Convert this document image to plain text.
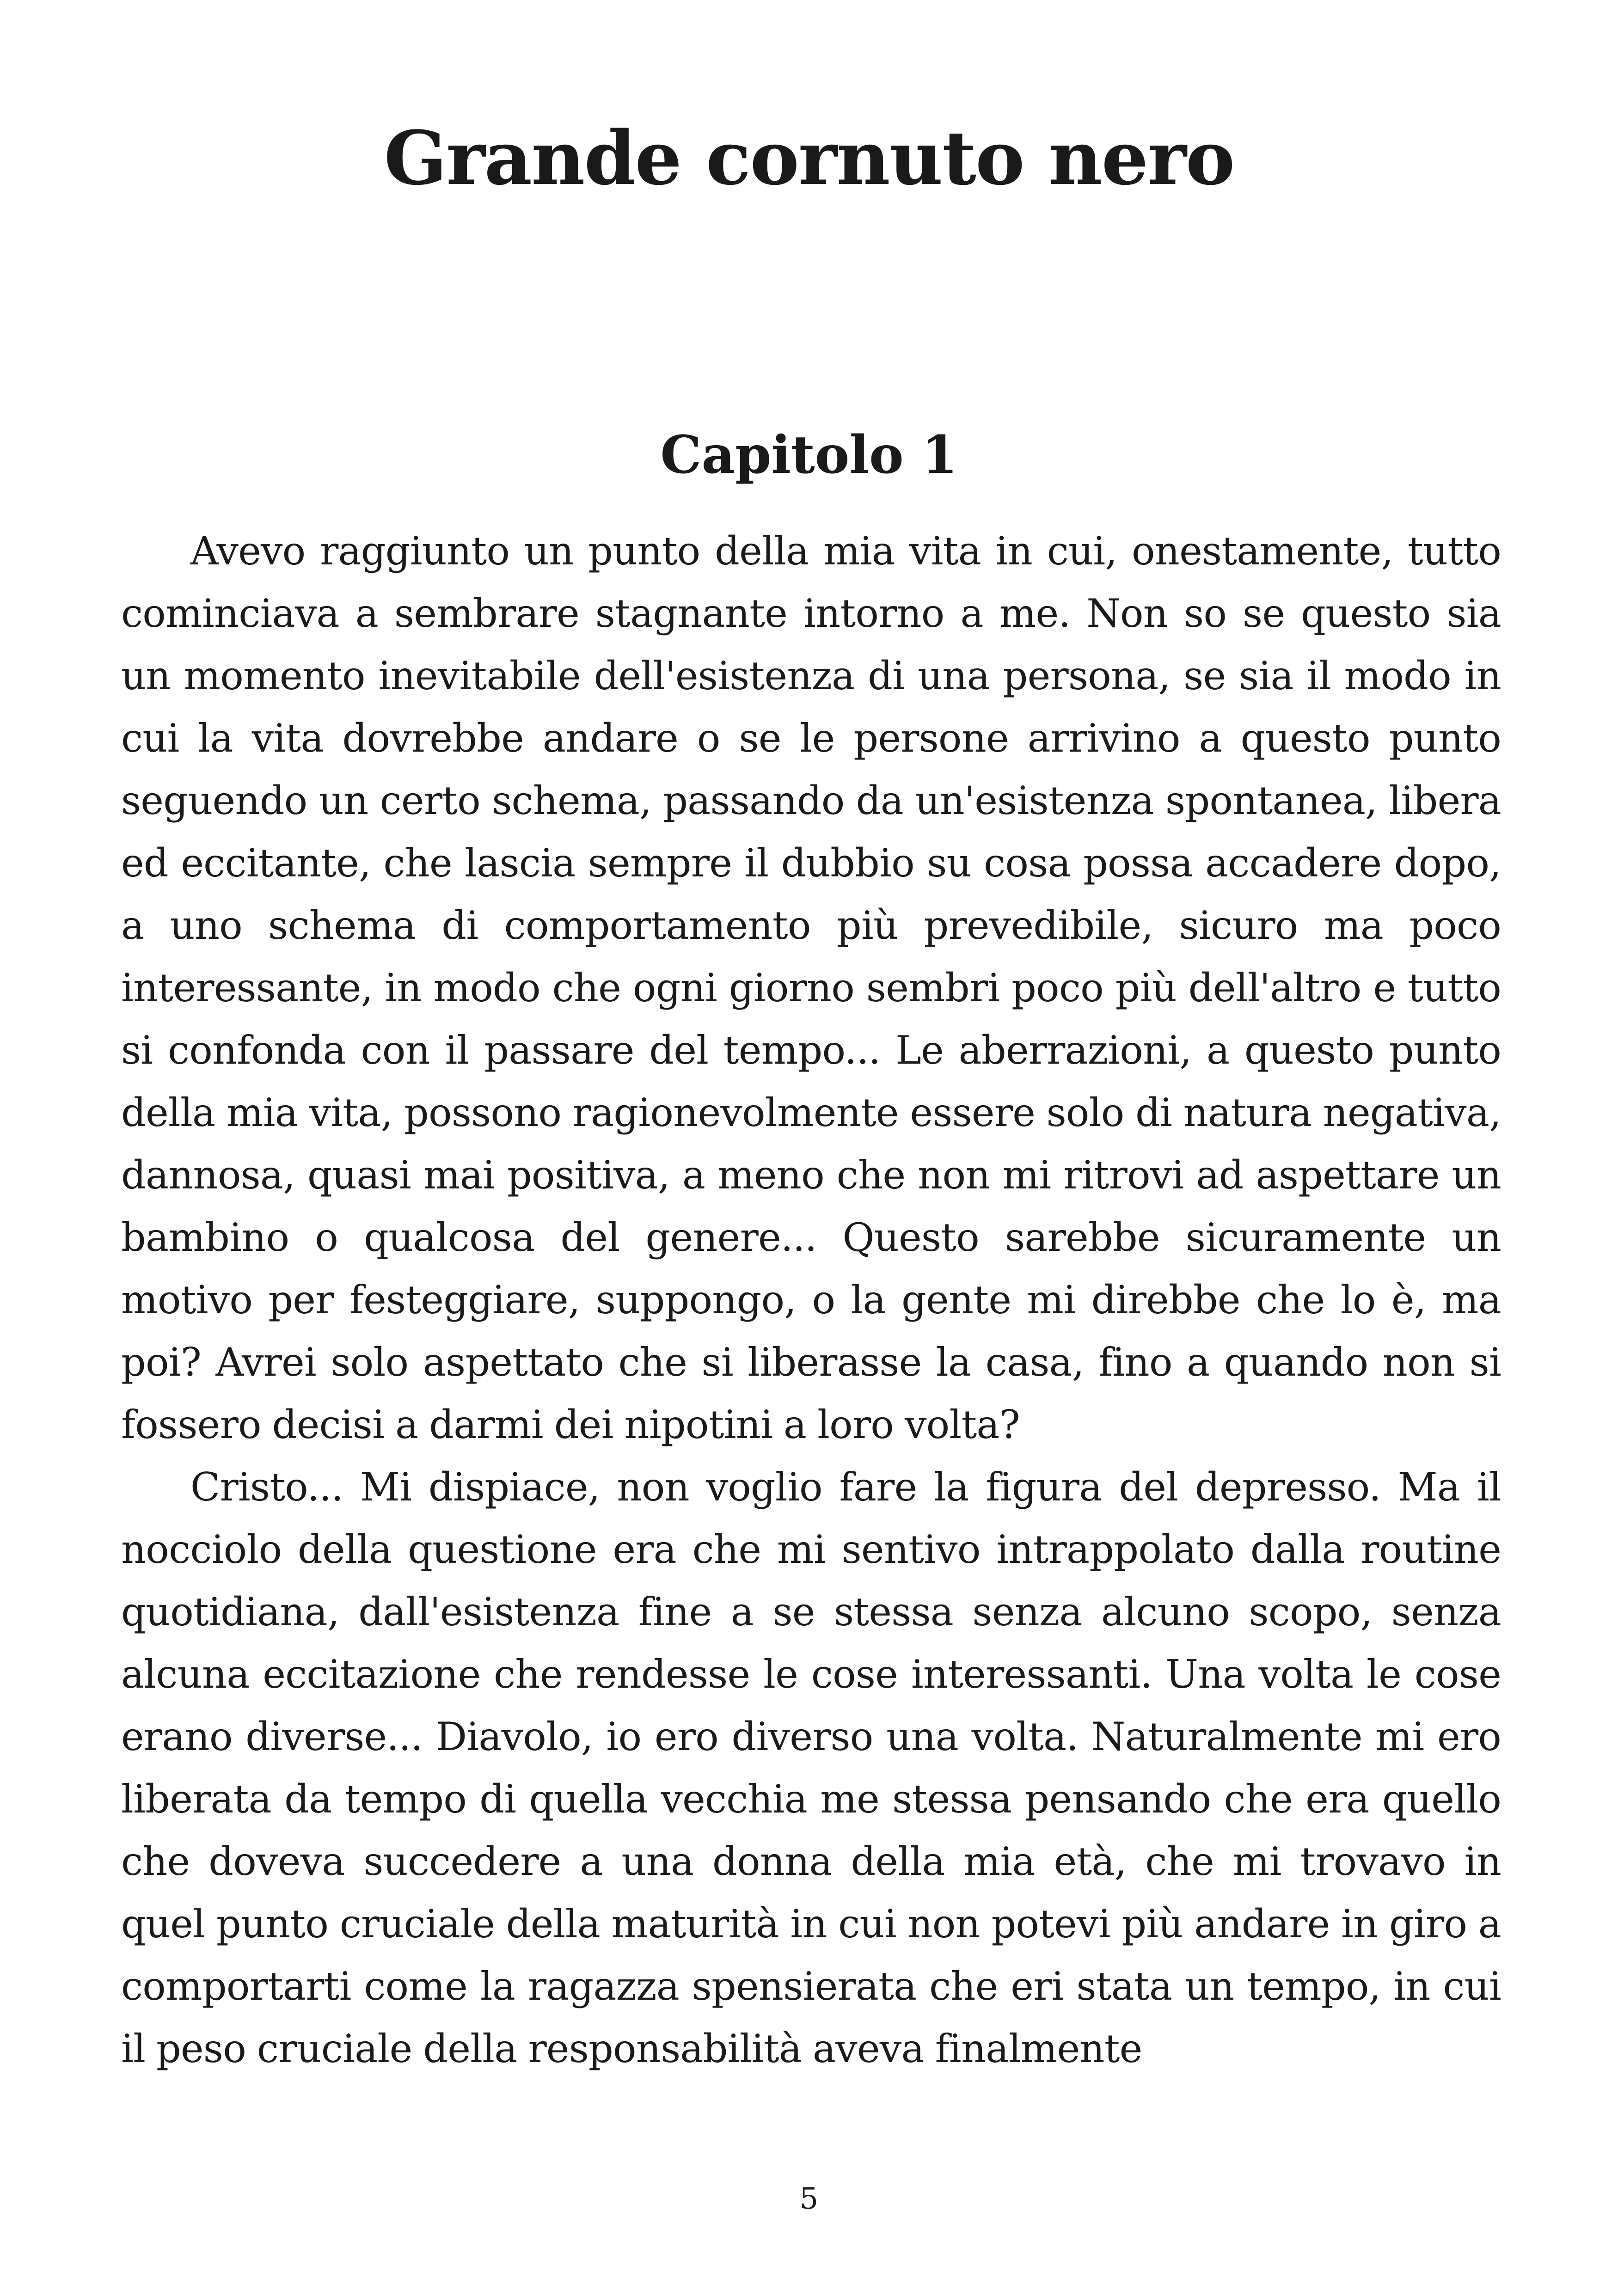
Grande cornuto nero
Capitolo 1

Avevo raggiunto un punto della mia vita in cui, onestamente, tutto cominciava a sembrare stagnante intorno a me. Non so se questo sia un momento inevitabile dell'esistenza di una persona, se sia il modo in cui la vita dovrebbe andare o se le persone arrivino a questo punto seguendo un certo schema, passando da un'esistenza spontanea, libera ed eccitante, che lascia sempre il dubbio su cosa possa accadere dopo, a uno schema di comportamento più prevedibile, sicuro ma poco interessante, in modo che ogni giorno sembri poco più dell'altro e tutto si confonda con il passare del tempo... Le aberrazioni, a questo punto della mia vita, possono ragionevolmente essere solo di natura negativa, dannosa, quasi mai positiva, a meno che non mi ritrovi ad aspettare un bambino o qualcosa del genere... Questo sarebbe sicuramente un motivo per festeggiare, suppongo, o la gente mi direbbe che lo è, ma poi? Avrei solo aspettato che si liberasse la casa, fino a quando non si fossero decisi a darmi dei nipotini a loro volta?

Cristo... Mi dispiace, non voglio fare la figura del depresso. Ma il nocciolo della questione era che mi sentivo intrappolato dalla routine quotidiana, dall'esistenza fine a se stessa senza alcuno scopo, senza alcuna eccitazione che rendesse le cose interessanti. Una volta le cose erano diverse... Diavolo, io ero diverso una volta. Naturalmente mi ero liberata da tempo di quella vecchia me stessa pensando che era quello che doveva succedere a una donna della mia età, che mi trovavo in quel punto cruciale della maturità in cui non potevi più andare in giro a comportarti come la ragazza spensierata che eri stata un tempo, in cui il peso cruciale della responsabilità aveva finalmente

5
